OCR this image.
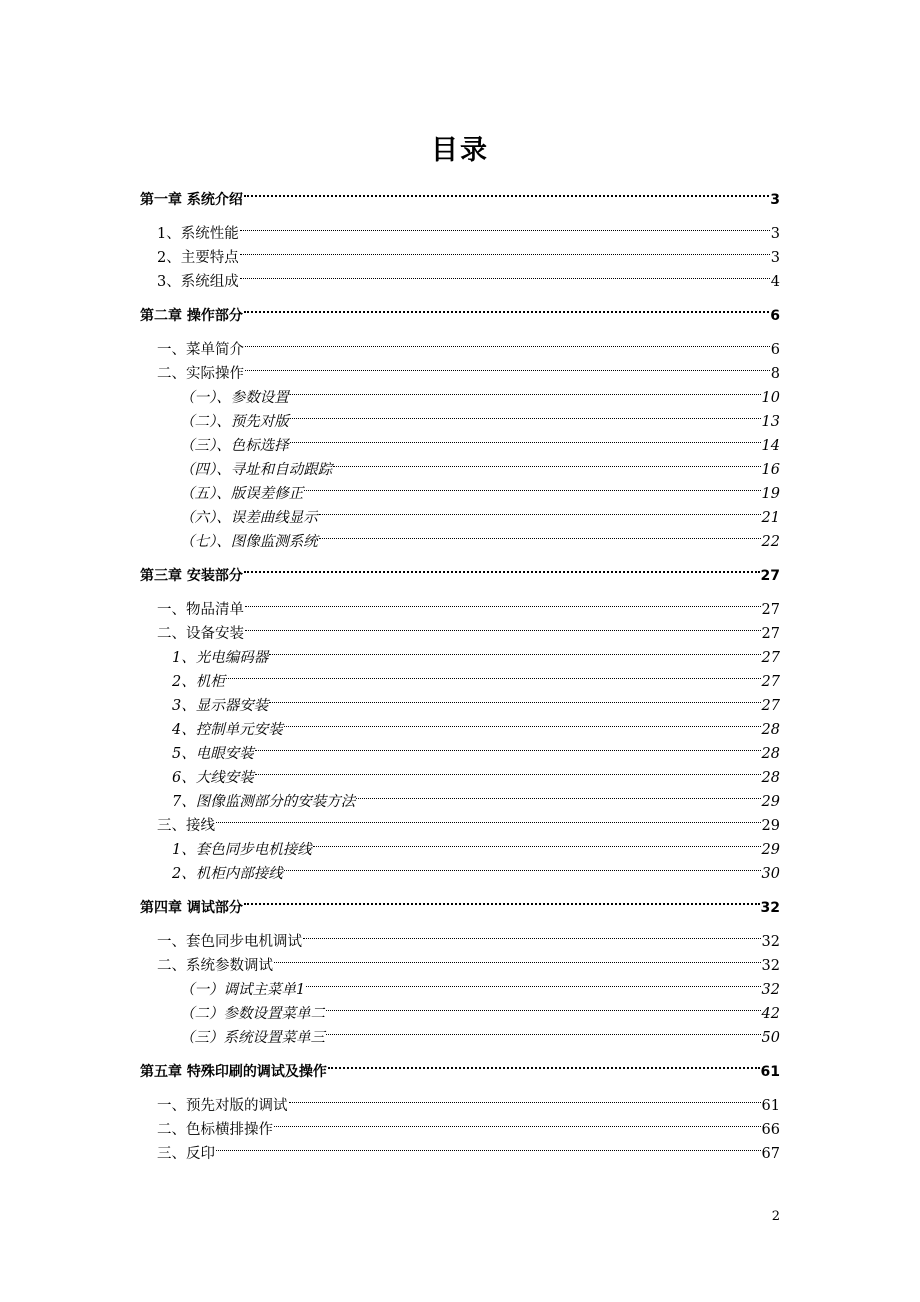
目录
第一章 系统介绍	3
1、系统性能	3
2、主要特点	3
3、系统组成	4
第二章 操作部分	6
一、菜单简介	6
二、实际操作	8
（一）、参数设置	10
（二）、预先对版	13
（三）、色标选择	14
（四）、寻址和自动跟踪	16
（五）、版误差修正	19
（六）、误差曲线显示	21
（七）、图像监测系统	22
第三章 安装部分	27
一、物品清单	27
二、设备安装	27
1、光电编码器	27
2、机柜	27
3、显示器安装	27
4、控制单元安装	28
5、电眼安装	28
6、大线安装	28
7、图像监测部分的安装方法	29
三、接线	29
1、套色同步电机接线	29
2、机柜内部接线	30
第四章 调试部分	32
一、套色同步电机调试	32
二、系统参数调试	32
（一）调试主菜单1	32
（二）参数设置菜单二	42
（三）系统设置菜单三	50
第五章 特殊印刷的调试及操作	61
一、预先对版的调试	61
二、色标横排操作	66
三、反印	67
2
